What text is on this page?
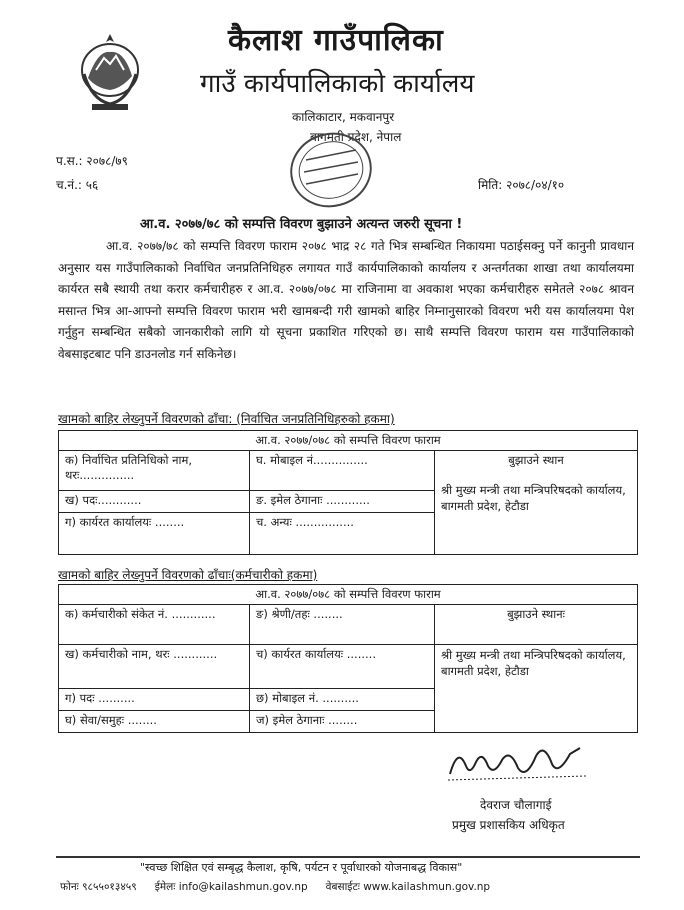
कैलाश गाउँपालिका
गाउँ कार्यपालिकाको कार्यालय
कालिकाटार, मकवानपुर
बागमती प्रदेश, नेपाल
प.स.: २०७८/७९
च.नं.: ५६	मिति: २०७८/०४/१०
आ.व. २०७७/७८ को सम्पत्ति विवरण बुझाउने अत्यन्त जरुरी सूचना !
आ.व. २०७७/७८ को सम्पत्ति विवरण फाराम २०७८ भाद्र २८ गते भित्र सम्बन्धित निकायमा पठाईसक्नु पर्ने कानुनी प्रावधान अनुसार यस गाउँपालिकाको निर्वाचित जनप्रतिनिधिहरु लगायत गाउँ कार्यपालिकाको कार्यालय र अन्तर्गतका शाखा तथा कार्यालयमा कार्यरत सबै स्थायी तथा करार कर्मचारीहरु र आ.व. २०७७/०७८ मा राजिनामा वा अवकाश भएका कर्मचारीहरु समेतले २०७८ श्रावन मसान्त भित्र आ-आफ्नो सम्पत्ति विवरण फाराम भरी खामबन्दी गरी खामको बाहिर निम्नानुसारको विवरण भरी यस कार्यालयमा पेश गर्नुहुन सम्बन्धित सबैको जानकारीको लागि यो सूचना प्रकाशित गरिएको छ। साथै सम्पत्ति विवरण फाराम यस गाउँपालिकाको वेबसाइटबाट पनि डाउनलोड गर्न सकिनेछ।
खामको बाहिर लेख्नुपर्ने विवरणको ढाँचा: (निर्वाचित जनप्रतिनिधिहरुको हकमा)
आ.व. २०७७/०७८ को सम्पत्ति विवरण फाराम		
क) निर्वाचित प्रतिनिधिको नाम, थरः...............	घ. मोबाइल नं...............	बुझाउने स्थान
श्री मुख्य मन्त्री तथा मन्त्रिपरिषदको कार्यालय, बागमती प्रदेश, हेटौडा

ख) पदः............	ङ. इमेल ठेगानाः ............	
ग) कार्यरत कार्यालयः ........	च. अन्यः ................	
खामको बाहिर लेख्नुपर्ने विवरणको ढाँचाः(कर्मचारीको हकमा)
आ.व. २०७७/०७८ को सम्पत्ति विवरण फाराम		
क) कर्मचारीको संकेत नं. ............	ङ) श्रेणी/तहः ........	बुझाउने स्थानः

ख) कर्मचारीको नाम, थरः ............	च) कार्यरत कार्यालयः ........	श्री मुख्य मन्त्री तथा मन्त्रिपरिषदको कार्यालय, बागमती प्रदेश, हेटौडा

ग) पदः ..........	छ) मोबाइल नं. ..........	
घ) सेवा/समुहः ........	ज) इमेल ठेगानाः ........	
देवराज चौलागाई
प्रमुख प्रशासकिय अधिकृत
"स्वच्छ शिक्षित एवं सम्बृद्ध कैलाश, कृषि, पर्यटन र पूर्वाधारको योजनाबद्ध विकास"
फोनः ९८५५०१३४५९ ईमेलः info@kailashmun.gov.np वेबसाईटः www.kailashmun.gov.np
